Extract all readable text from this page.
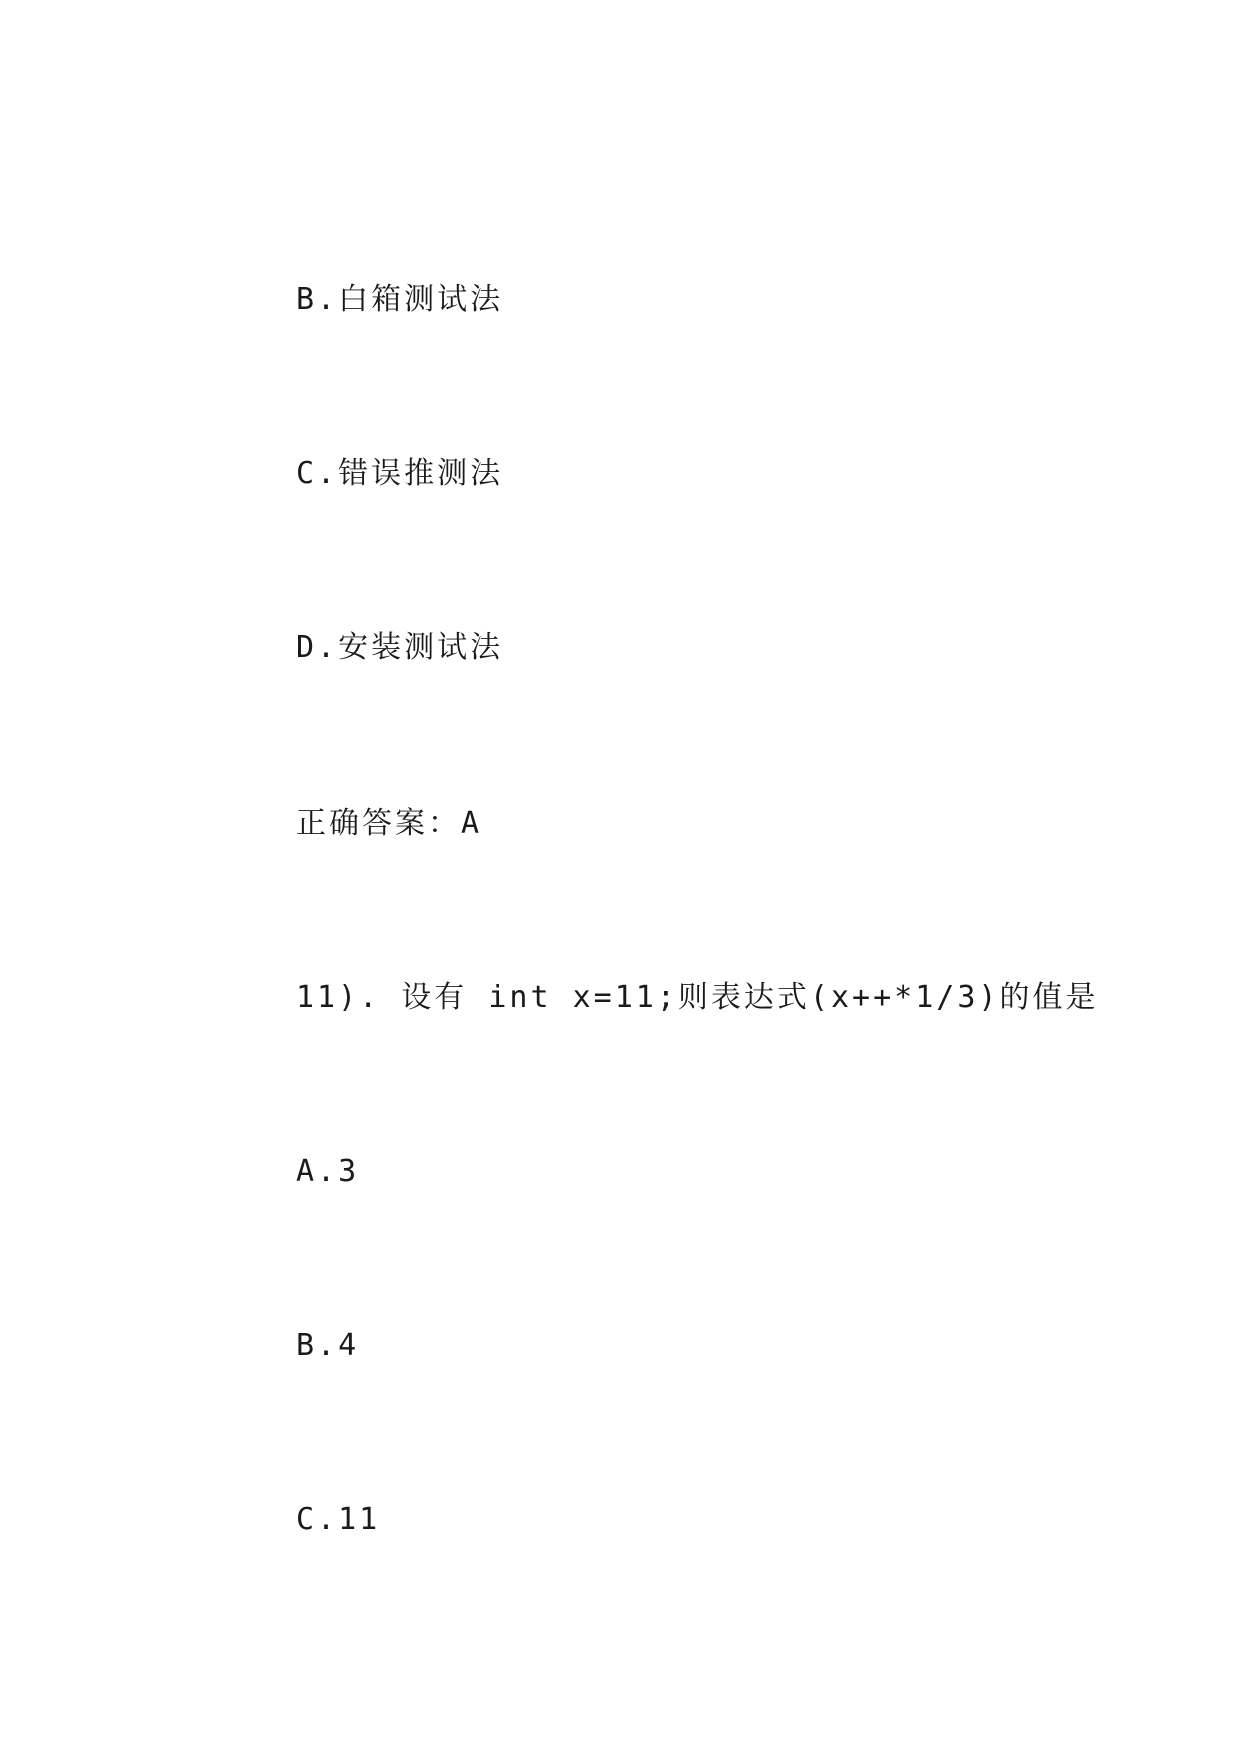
B.白箱测试法

C.错误推测法

D.安装测试法

正确答案：A

11). 设有 int x=11;则表达式(x++*1/3)的值是

A.3

B.4

C.11
